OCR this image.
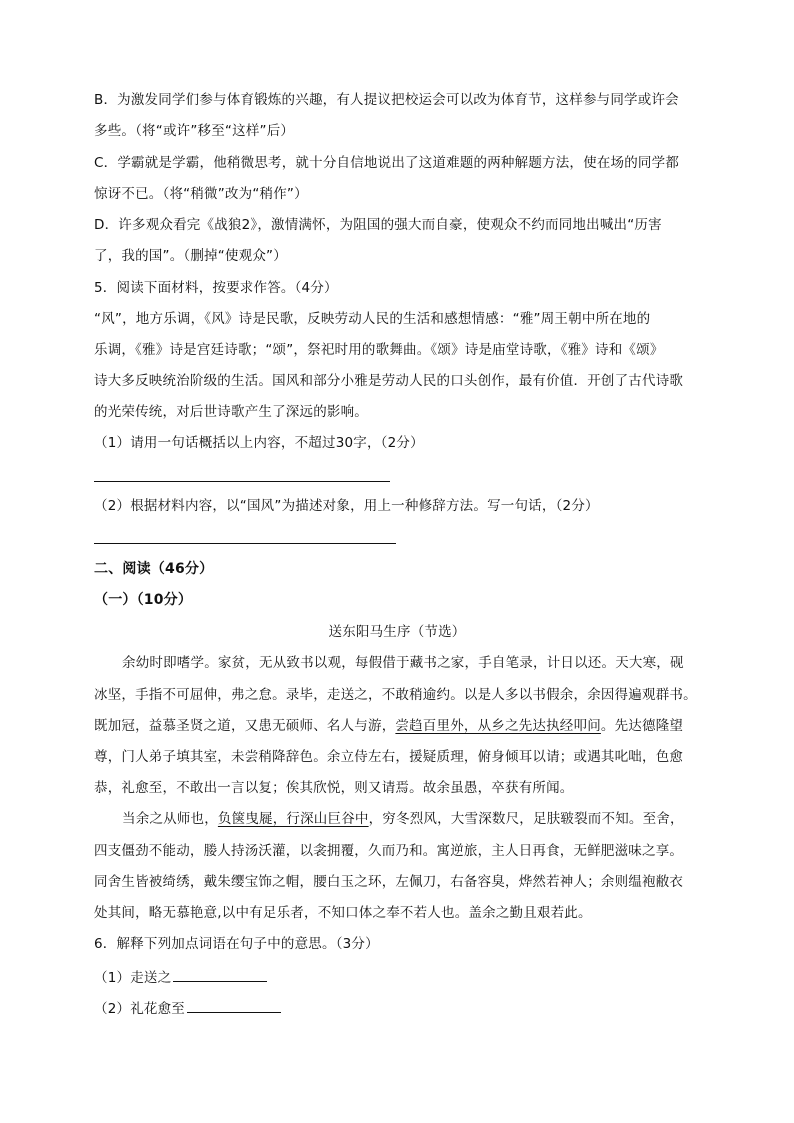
B．为激发同学们参与体育锻炼的兴趣，有人提议把校运会可以改为体育节，这样参与同学或许会
多些。（将“或许”移至“这样”后）
C．学霸就是学霸，他稍微思考，就十分自信地说出了这道难题的两种解题方法，使在场的同学都
惊讶不已。（将“稍微”改为“稍作”）
D．许多观众看完《战狼2》，激情满怀，为阻国的强大而自豪，使观众不约而同地出喊出“历害
了，我的国”。（删掉“使观众”）
5．阅读下面材料，按要求作答。（4分）
“风”，地方乐调，《风》诗是民歌，反映劳动人民的生活和感想情感：“雅”周王朝中所在地的
乐调，《雅》诗是宫廷诗歌；“颂”，祭祀时用的歌舞曲。《颂》诗是庙堂诗歌，《雅》诗和《颂》
诗大多反映统治阶级的生活。国风和部分小雅是劳动人民的口头创作，最有价值．开创了古代诗歌
的光荣传统，对后世诗歌产生了深远的影响。
（1）请用一句话概括以上内容，不超过30字，（2分）
（2）根据材料内容，以“国风”为描述对象，用上一种修辞方法。写一句话，（2分）
二、阅读（46分）
（一）（10分）
送东阳马生序（节选）
余幼时即嗜学。家贫，无从致书以观，每假借于藏书之家，手自笔录，计日以还。天大寒，砚
冰坚，手指不可屈伸，弗之怠。录毕，走送之，不敢稍逾约。以是人多以书假余，余因得遍观群书。
既加冠，益慕圣贤之道，又患无硕师、名人与游，尝趋百里外，从乡之先达执经叩问。先达德隆望
尊，门人弟子填其室，未尝稍降辞色。余立侍左右，援疑质理，俯身倾耳以请；或遇其叱咄，色愈
恭，礼愈至，不敢出一言以复；俟其欣悦，则又请焉。故余虽愚，卒获有所闻。
当余之从师也，负箧曳屣，行深山巨谷中，穷冬烈风，大雪深数尺，足肤皲裂而不知。至舍，
四支僵劲不能动，媵人持汤沃灌，以衾拥覆，久而乃和。寓逆旅，主人日再食，无鲜肥滋味之享。
同舍生皆被绮绣，戴朱缨宝饰之帽，腰白玉之环，左佩刀，右备容臭，烨然若神人；余则缊袍敝衣
处其间，略无慕艳意,以中有足乐者，不知口体之奉不若人也。盖余之勤且艰若此。
6．解释下列加点词语在句子中的意思。（3分）
（1）走送之
（2）礼花愈至
